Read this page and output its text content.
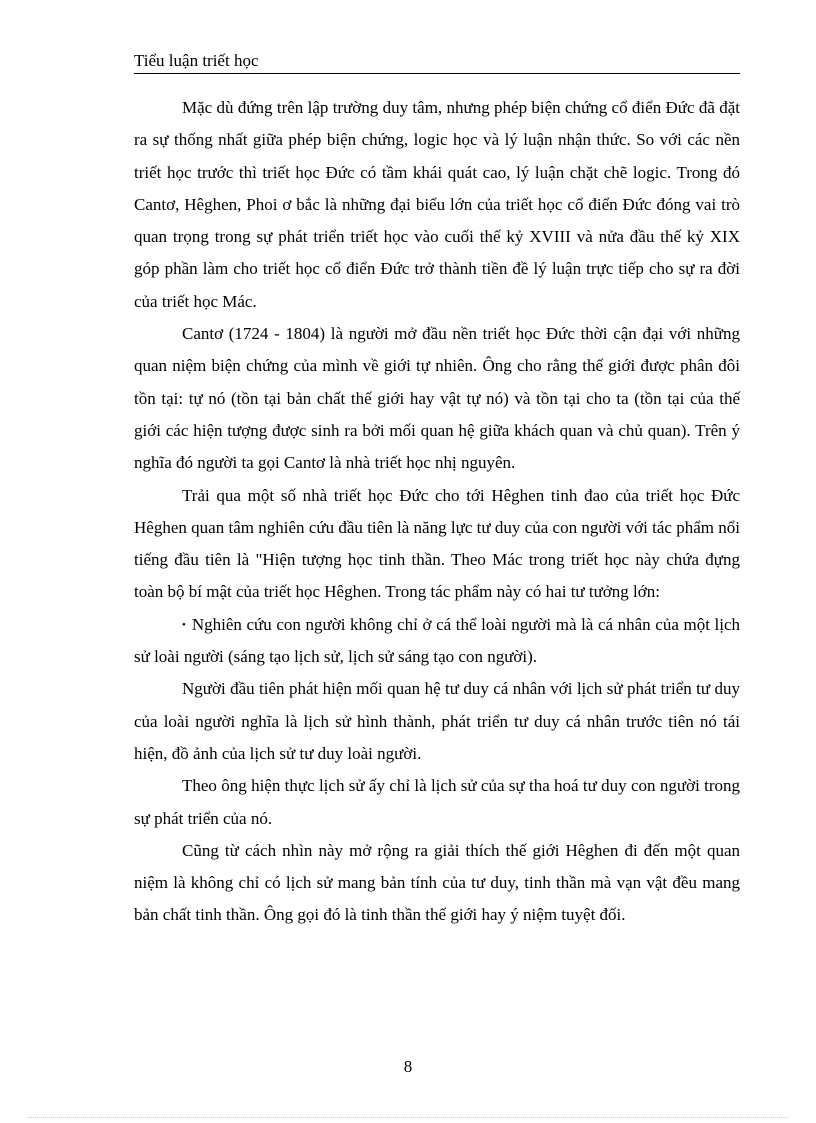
Tiểu luận triết học

Mặc dù đứng trên lập trường duy tâm, nhưng phép biện chứng cổ điển Đức đã đặt ra sự thống nhất giữa phép biện chứng, logic học và lý luận nhận thức. So với các nền triết học trước thì triết học Đức có tầm khái quát cao, lý luận chặt chẽ logic. Trong đó Cantơ, Hêghen, Phoi ơ bắc là những đại biểu lớn của triết học cổ điển Đức đóng vai trò quan trọng trong sự phát triển triết học vào cuối thế kỷ XVIII và nửa đầu thế kỷ XIX góp phần làm cho triết học cổ điển Đức trở thành tiền đề lý luận trực tiếp cho sự ra đời của triết học Mác.

Cantơ (1724 - 1804) là người mở đầu nền triết học Đức thời cận đại với những quan niệm biện chứng của mình về giới tự nhiên. Ông cho rằng thế giới được phân đôi tồn tại: tự nó (tồn tại bản chất thế giới hay vật tự nó) và tồn tại cho ta (tồn tại của thế giới các hiện tượng được sinh ra bởi mối quan hệ giữa khách quan và chủ quan). Trên ý nghĩa đó người ta gọi Cantơ là nhà triết học nhị nguyên.

Trải qua một số nhà triết học Đức cho tới Hêghen tinh đao của triết học Đức Hêghen quan tâm nghiên cứu đầu tiên là năng lực tư duy của con người với tác phẩm nổi tiếng đầu tiên là "Hiện tượng học tinh thần. Theo Mác trong triết học này chứa đựng toàn bộ bí mật của triết học Hêghen. Trong tác phẩm này có hai tư tưởng lớn:

• Nghiên cứu con người không chỉ ở cá thể loài người mà là cá nhân của một lịch sử loài người (sáng tạo lịch sử, lịch sử sáng tạo con người).

Người đầu tiên phát hiện mối quan hệ tư duy cá nhân với lịch sử phát triển tư duy của loài người nghĩa là lịch sử hình thành, phát triển tư duy cá nhân trước tiên nó tái hiện, đồ ảnh của lịch sử tư duy loài người.

Theo ông hiện thực lịch sử ấy chỉ là lịch sử của sự tha hoá tư duy con người trong sự phát triển của nó.

Cũng từ cách nhìn này mở rộng ra giải thích thế giới Hêghen đi đến một quan niệm là không chỉ có lịch sử mang bản tính của tư duy, tinh thần mà vạn vật đều mang bản chất tinh thần. Ông gọi đó là tinh thần thế giới hay ý niệm tuyệt đối.

8
